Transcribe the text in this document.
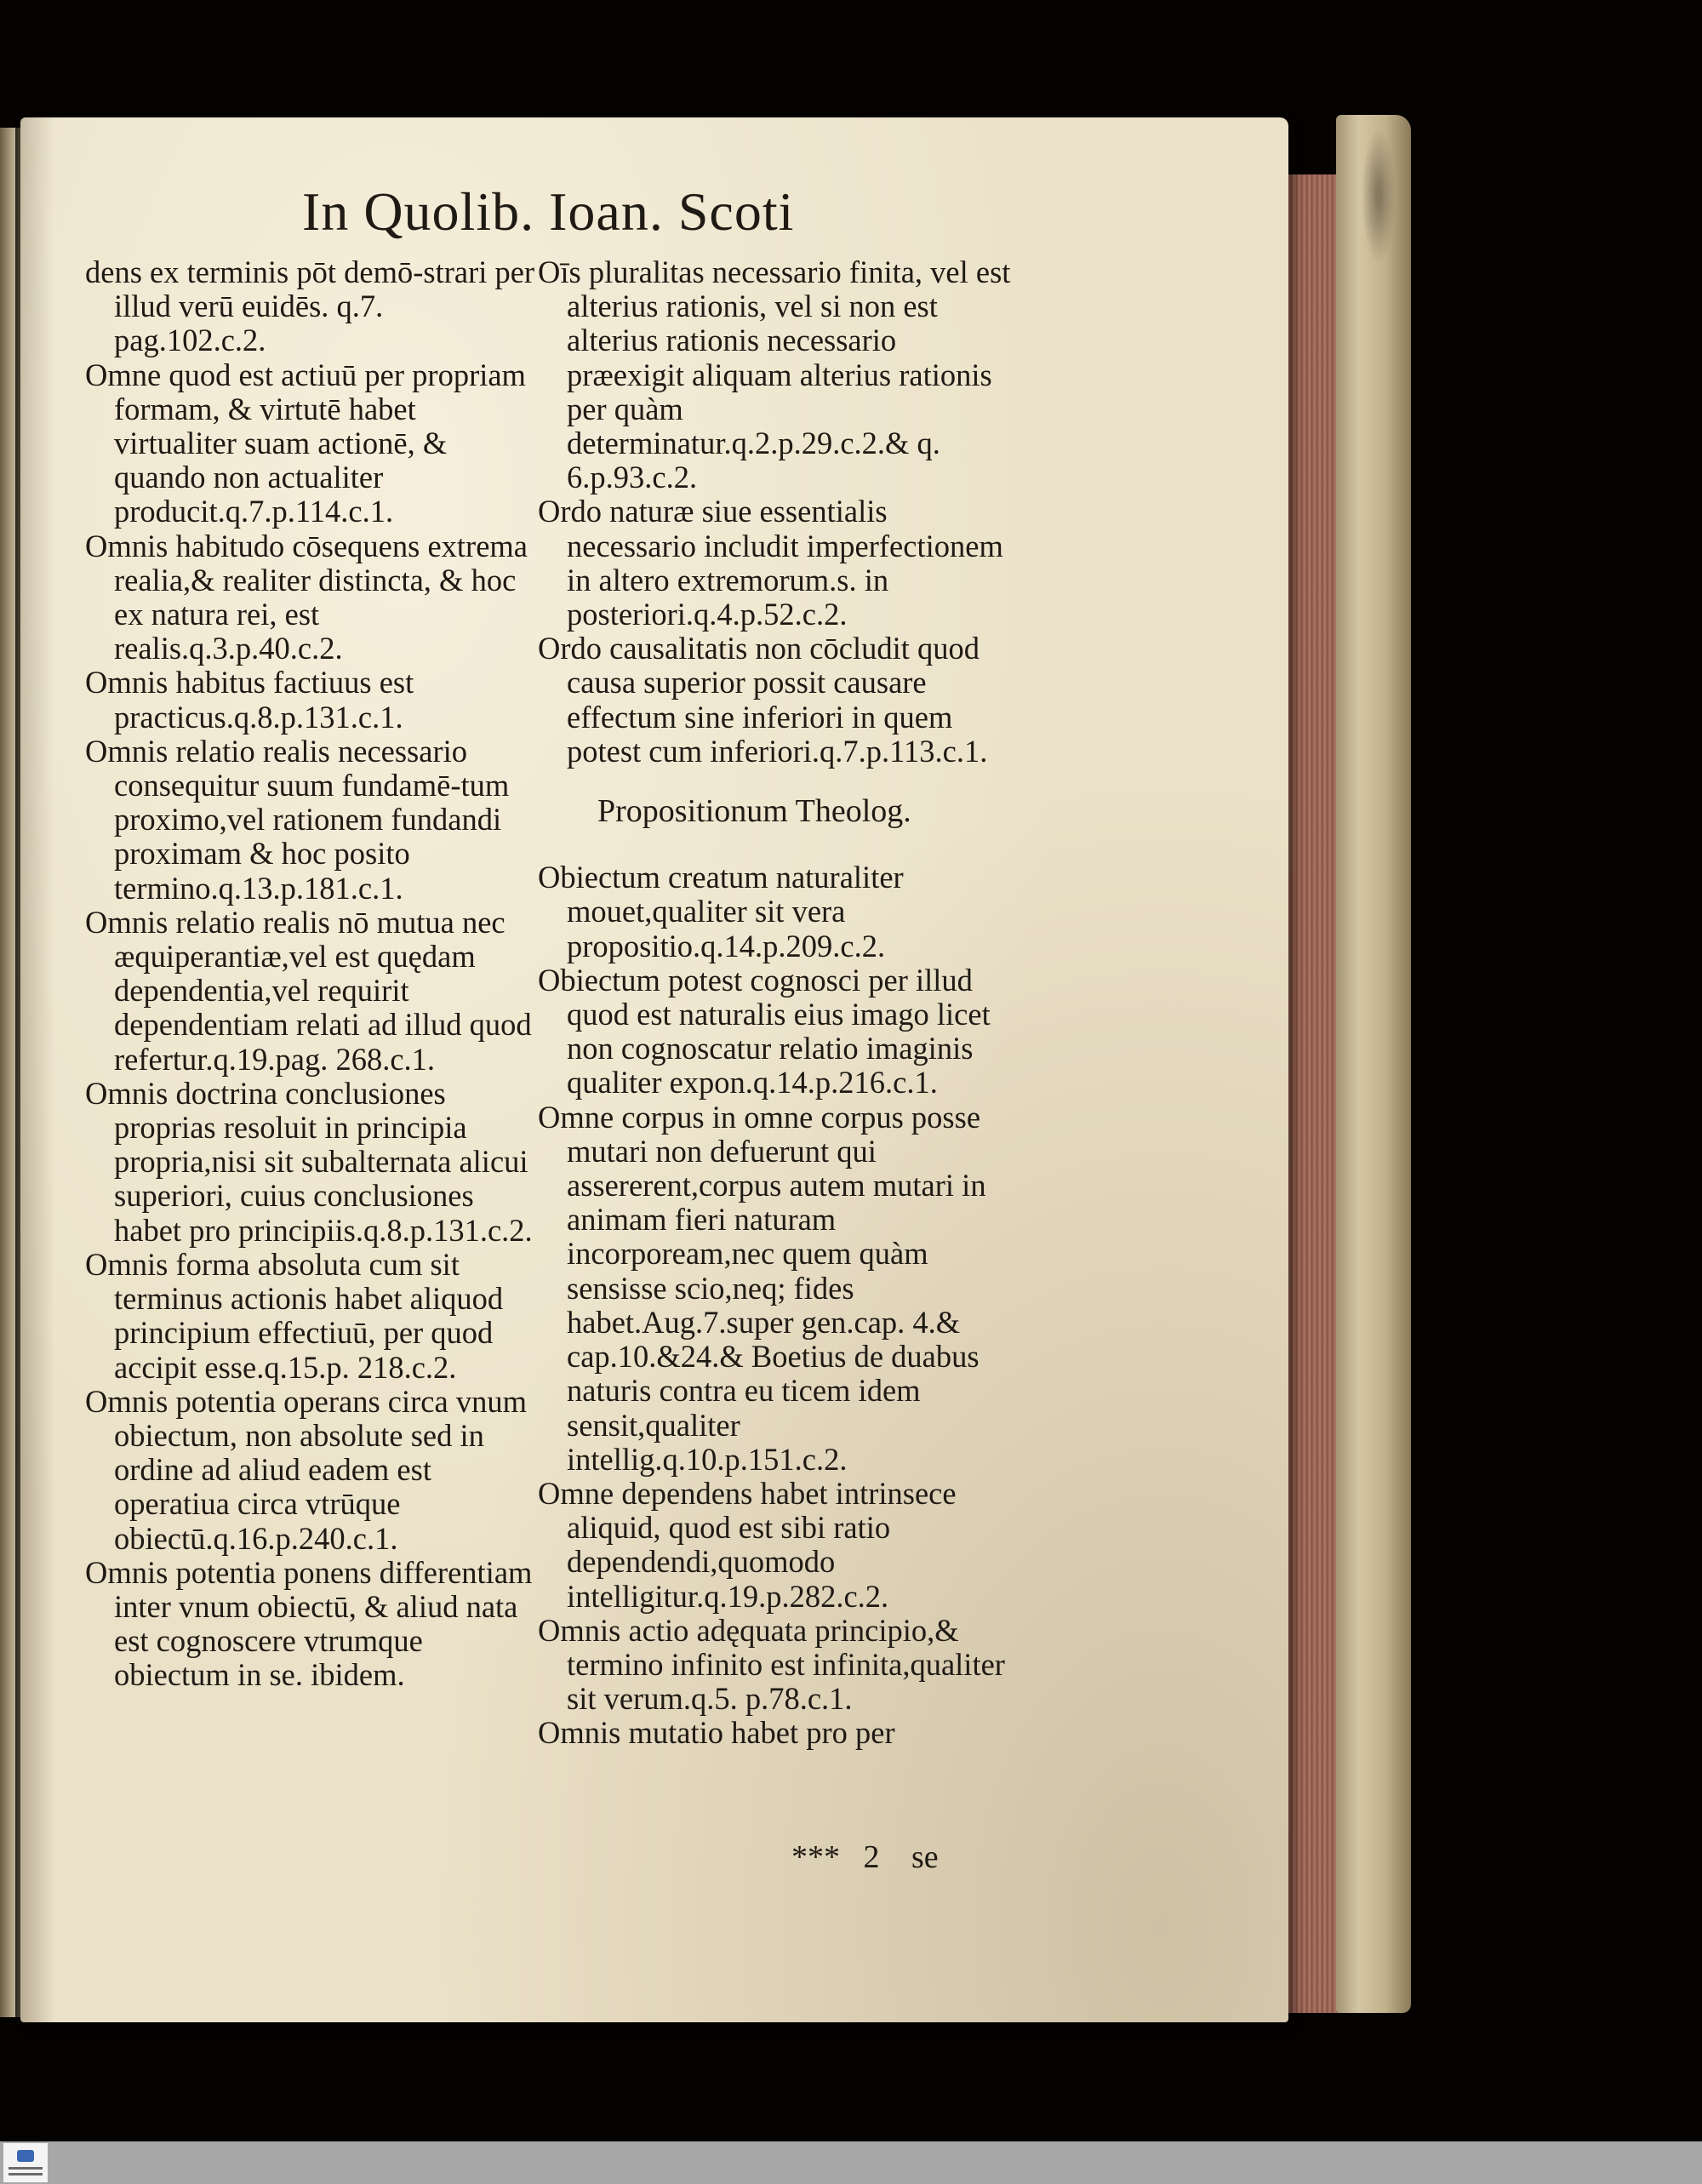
In Quolib. Ioan. Scoti

dens ex terminis pōt demō-strari per illud verū euidēs. q.7. pag.102.c.2.

Omne quod est actiuū per propriam formam, & virtutē habet virtualiter suam actionē, & quando non actualiter producit.q.7.p.114.c.1.

Omnis habitudo cōsequens extrema realia,& realiter distincta, & hoc ex natura rei, est realis.q.3.p.40.c.2.

Omnis habitus factiuus est practicus.q.8.p.131.c.1.

Omnis relatio realis necessario consequitur suum fundamē-tum proximo,vel rationem fundandi proximam & hoc posito termino.q.13.p.181.c.1.

Omnis relatio realis nō mutua nec æquiperantiæ,vel est quędam dependentia,vel requirit dependentiam relati ad illud quod refertur.q.19.pag. 268.c.1.

Omnis doctrina conclusiones proprias resoluit in principia propria,nisi sit subalternata alicui superiori, cuius conclusiones habet pro principiis.q.8.p.131.c.2.

Omnis forma absoluta cum sit terminus actionis habet aliquod principium effectiuū, per quod accipit esse.q.15.p. 218.c.2.

Omnis potentia operans circa vnum obiectum, non absolute sed in ordine ad aliud eadem est operatiua circa vtrūque obiectū.q.16.p.240.c.1.

Omnis potentia ponens differentiam inter vnum obiectū, & aliud nata est cognoscere vtrumque obiectum in se. ibidem.

Oīs pluralitas necessario finita, vel est alterius rationis, vel si non est alterius rationis necessario præexigit aliquam alterius rationis per quàm determinatur.q.2.p.29.c.2.& q. 6.p.93.c.2.

Ordo naturæ siue essentialis necessario includit imperfectionem in altero extremorum.s. in posteriori.q.4.p.52.c.2.

Ordo causalitatis non cōcludit quod causa superior possit causare effectum sine inferiori in quem potest cum inferiori.q.7.p.113.c.1.

Propositionum Theolog.

Obiectum creatum naturaliter mouet,qualiter sit vera propositio.q.14.p.209.c.2.

Obiectum potest cognosci per illud quod est naturalis eius imago licet non cognoscatur relatio imaginis qualiter expon.q.14.p.216.c.1.

Omne corpus in omne corpus posse mutari non defuerunt qui assererent,corpus autem mutari in animam fieri naturam incorpoream,nec quem quàm sensisse scio,neq; fides habet.Aug.7.super gen.cap. 4.& cap.10.&24.& Boetius de duabus naturis contra eu ticem idem sensit,qualiter intellig.q.10.p.151.c.2.

Omne dependens habet intrinsece aliquid, quod est sibi ratio dependendi,quomodo intelligitur.q.19.p.282.c.2.

Omnis actio adęquata principio,& termino infinito est infinita,qualiter sit verum.q.5. p.78.c.1.

Omnis mutatio habet pro per

*** 2 se
